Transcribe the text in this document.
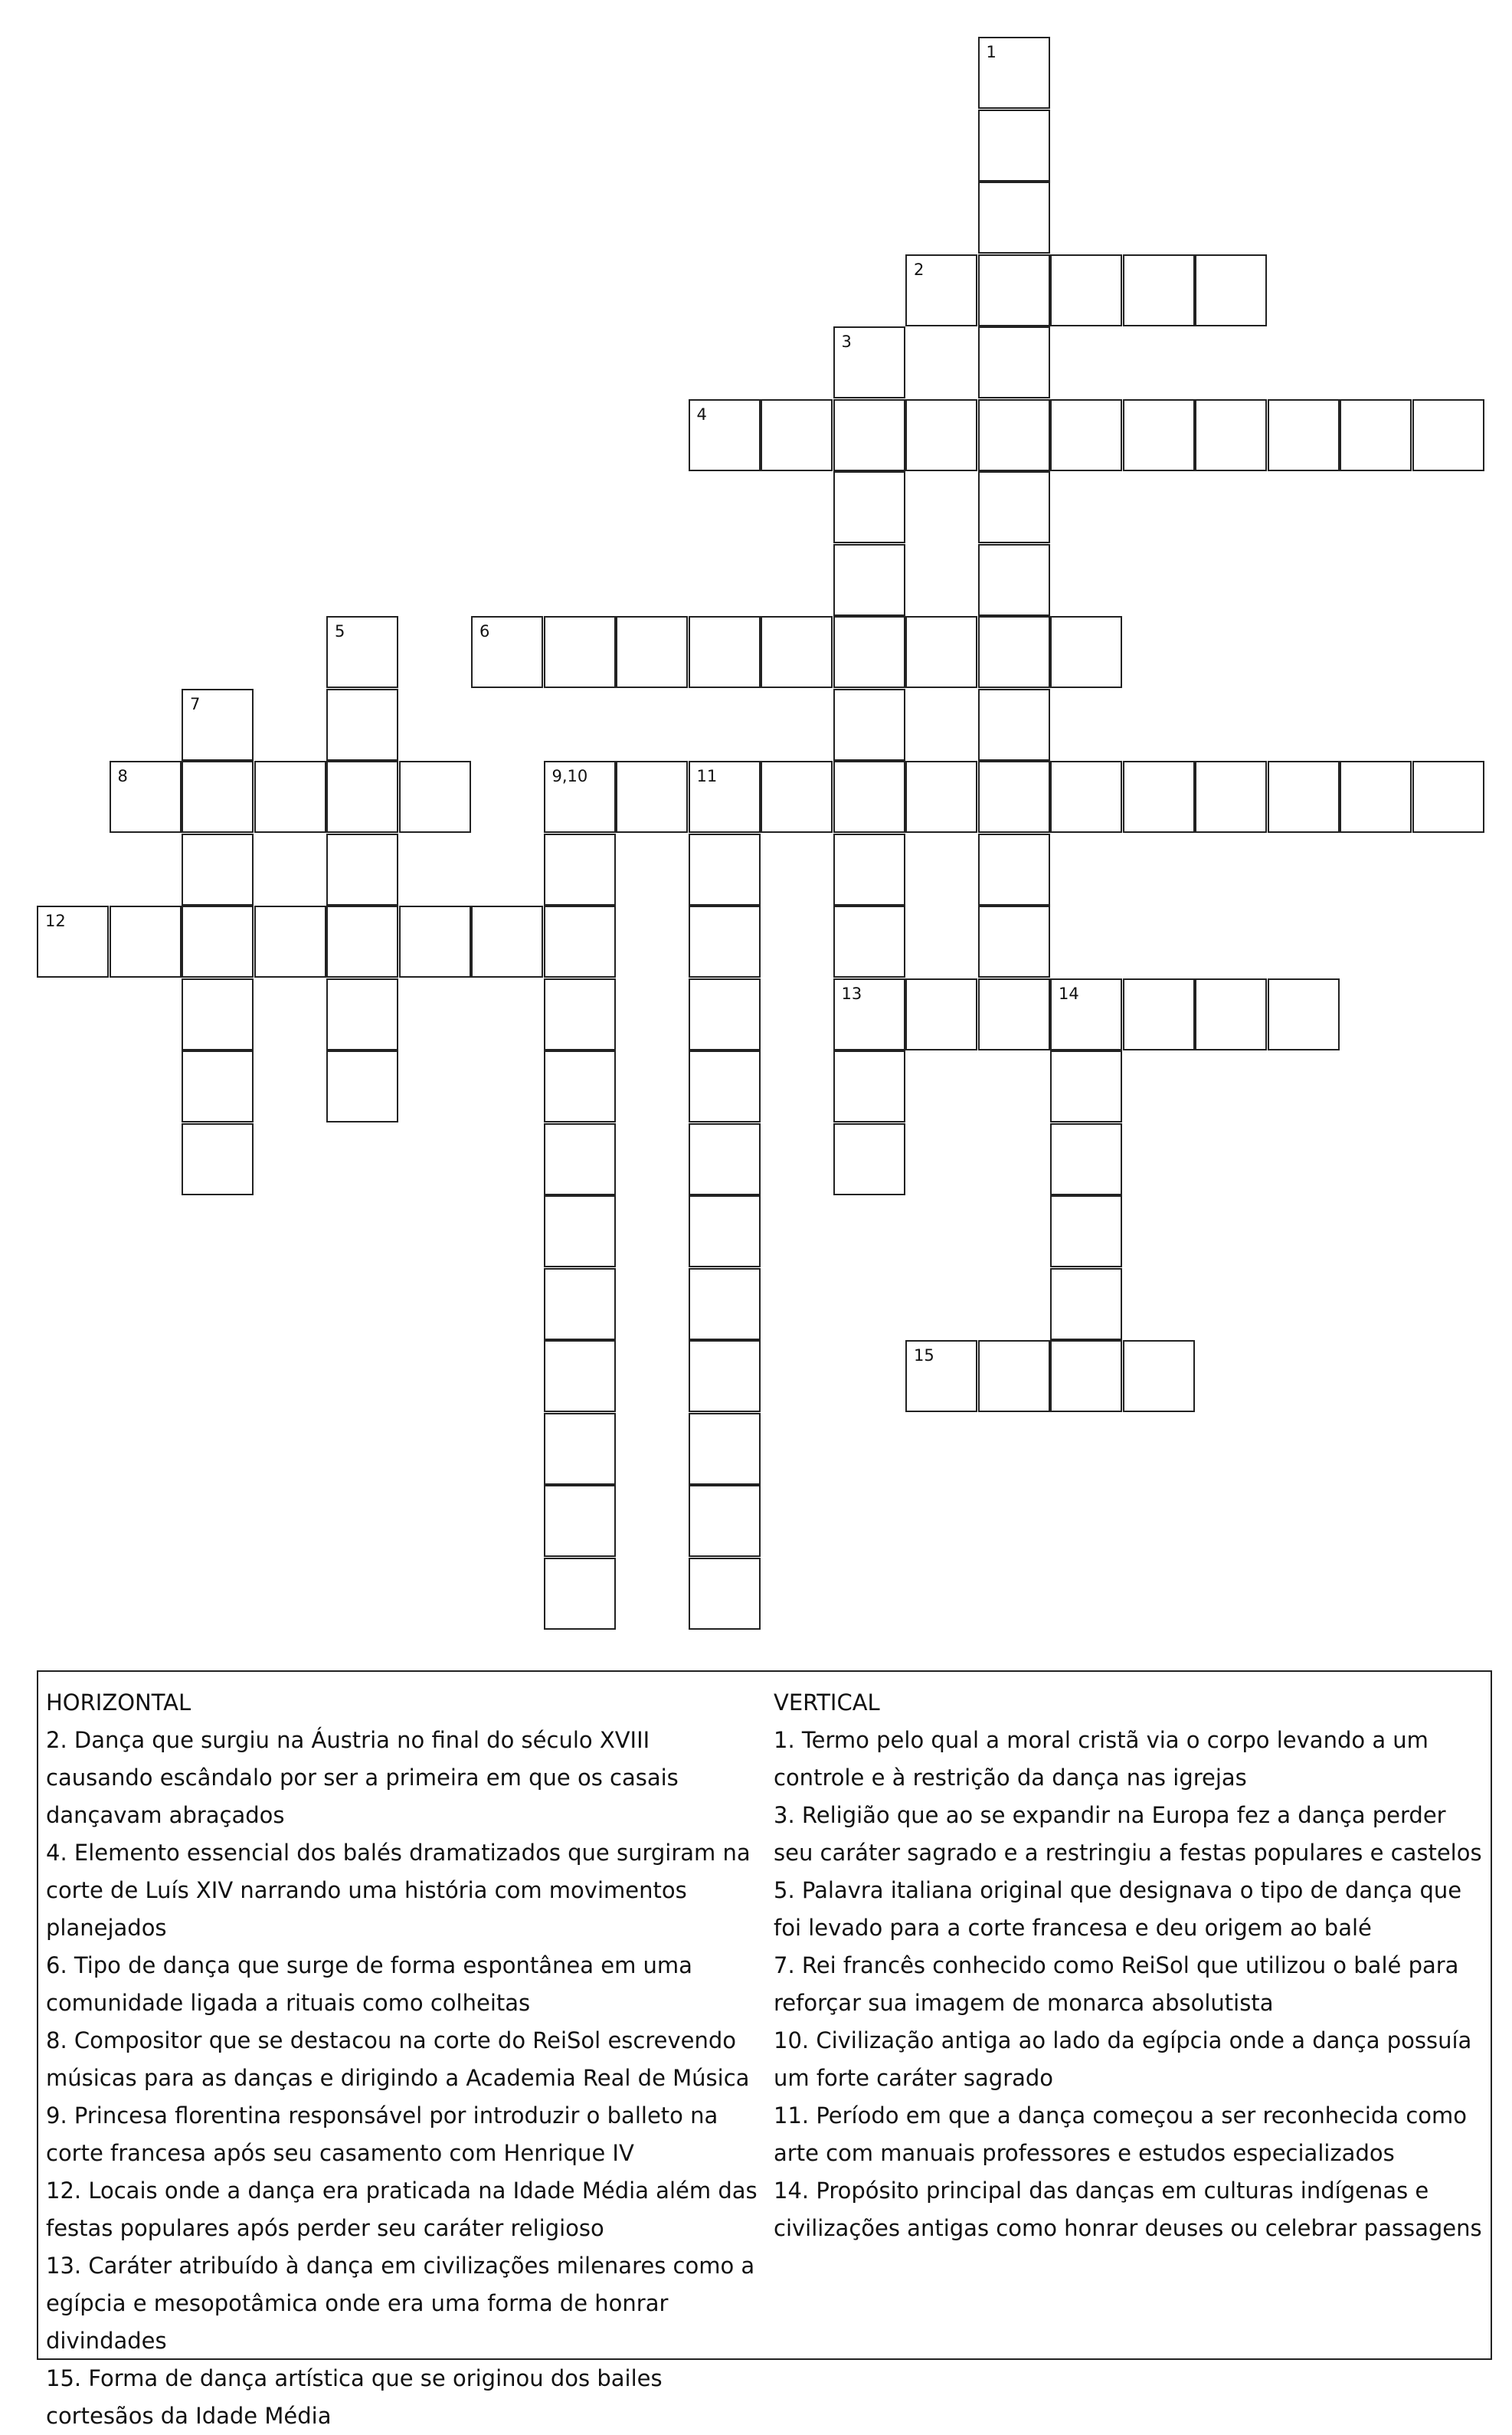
1
2
3
13
4
5	6
7
8	9,10	11
12
14
15
HORIZONTAL
2. Dança que surgiu na Áustria no final do século XVIII causando escândalo por ser a primeira em que os casais dançavam abraçados
4. Elemento essencial dos balés dramatizados que surgiram na corte de Luís XIV narrando uma história com movimentos planejados
6. Tipo de dança que surge de forma espontânea em uma comunidade ligada a rituais como colheitas
8. Compositor que se destacou na corte do ReiSol escrevendo músicas para as danças e dirigindo a Academia Real de Música
9. Princesa florentina responsável por introduzir o balleto na corte francesa após seu casamento com Henrique IV
12. Locais onde a dança era praticada na Idade Média além das festas populares após perder seu caráter religioso
13. Caráter atribuído à dança em civilizações milenares como a egípcia e mesopotâmica onde era uma forma de honrar divindades
15. Forma de dança artística que se originou dos bailes cortesãos da Idade Média
VERTICAL
1. Termo pelo qual a moral cristã via o corpo levando a um controle e à restrição da dança nas igrejas
3. Religião que ao se expandir na Europa fez a dança perder seu caráter sagrado e a restringiu a festas populares e castelos
5. Palavra italiana original que designava o tipo de dança que foi levado para a corte francesa e deu origem ao balé
7. Rei francês conhecido como ReiSol que utilizou o balé para reforçar sua imagem de monarca absolutista
10. Civilização antiga ao lado da egípcia onde a dança possuía um forte caráter sagrado
11. Período em que a dança começou a ser reconhecida como arte com manuais professores e estudos especializados
14. Propósito principal das danças em culturas indígenas e civilizações antigas como honrar deuses ou celebrar passagens
